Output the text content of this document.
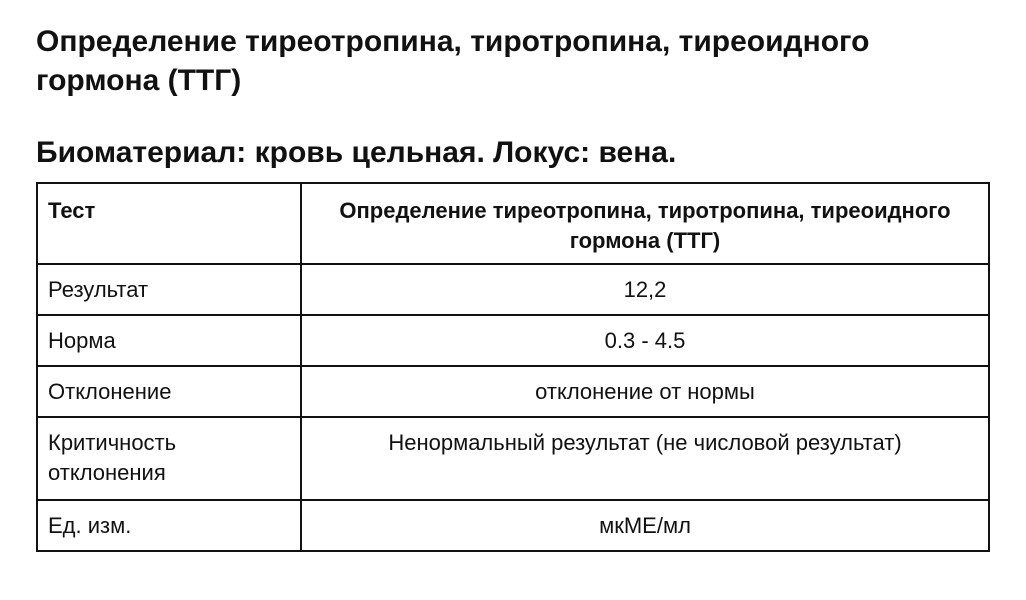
Определение тиреотропина, тиротропина, тиреоидного гормона (ТТГ)
Биоматериал: кровь цельная. Локус: вена.
Тест	Определение тиреотропина, тиротропина, тиреоидного гормона (ТТГ)
Результат	12,2
Норма	0.3 - 4.5
Отклонение	отклонение от нормы
Критичность отклонения	Ненормальный результат (не числовой результат)
Ед. изм.	мкМЕ/мл
